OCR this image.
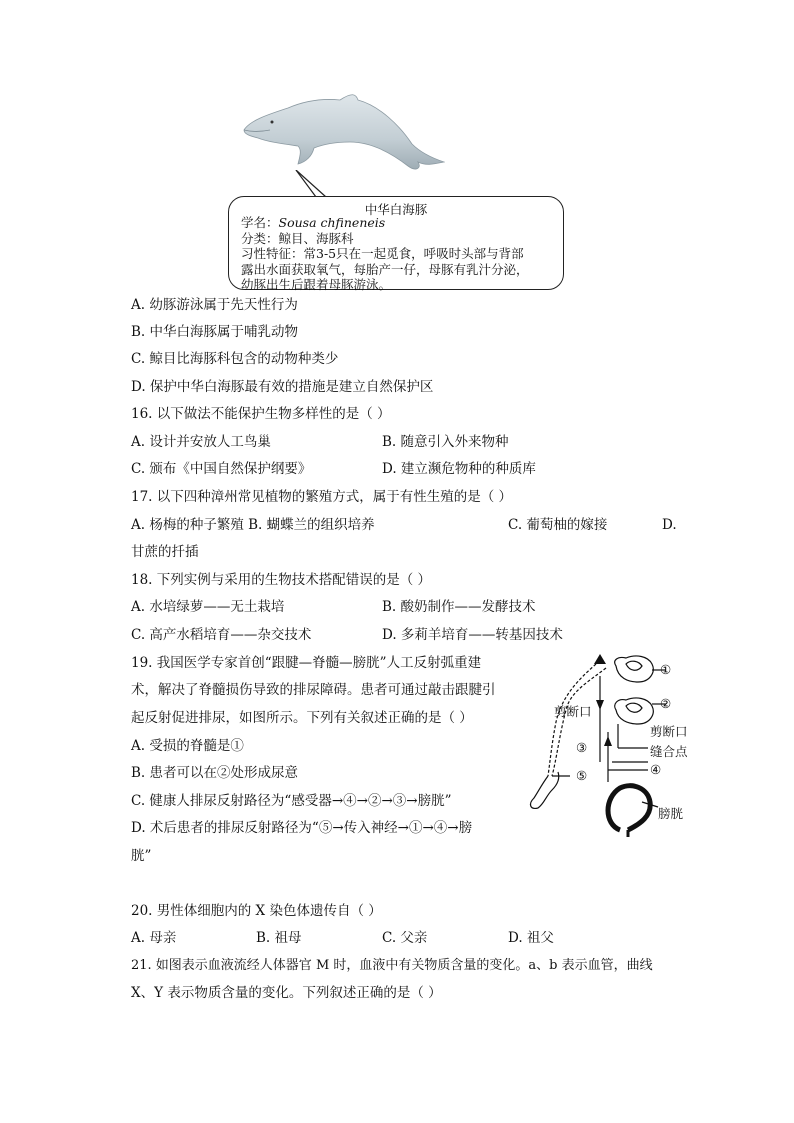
中华白海豚
学名：Sousa chfineneis
分类：鲸目、海豚科
习性特征：常3-5只在一起觅食，呼吸时头部与背部
露出水面获取氧气，每胎产一仔，母豚有乳汁分泌，
幼豚出生后跟着母豚游泳。
A. 幼豚游泳属于先天性行为
B. 中华白海豚属于哺乳动物
C. 鲸目比海豚科包含的动物种类少
D. 保护中华白海豚最有效的措施是建立自然保护区
16. 以下做法不能保护生物多样性的是（ ）
A. 设计并安放人工鸟巢	B. 随意引入外来物种
C. 颁布《中国自然保护纲要》	D. 建立濒危物种的种质库
17. 以下四种漳州常见植物的繁殖方式，属于有性生殖的是（ ）
A. 杨梅的种子繁殖 B. 蝴蝶兰的组织培养	C. 葡萄柚的嫁接	D.
甘蔗的扦插
18. 下列实例与采用的生物技术搭配错误的是（ ）
A. 水培绿萝——无土栽培	B. 酸奶制作——发酵技术
C. 高产水稻培育——杂交技术	D. 多莉羊培育——转基因技术
19. 我国医学专家首创“跟腱—脊髓—膀胱”人工反射弧重建
术，解决了脊髓损伤导致的排尿障碍。患者可通过敲击跟腱引
起反射促进排尿，如图所示。下列有关叙述正确的是（ ）
A. 受损的脊髓是①
B. 患者可以在②处形成尿意
C. 健康人排尿反射路径为“感受器→④→②→③→膀胱”
D. 术后患者的排尿反射路径为“⑤→传入神经→①→④→膀
胱”
①
②
③
④
⑤
剪断口
剪断口
缝合点
膀胱
20. 男性体细胞内的 X 染色体遗传自（ ）
A. 母亲	B. 祖母	C. 父亲	D. 祖父
21. 如图表示血液流经人体器官 M 时，血液中有关物质含量的变化。a、b 表示血管，曲线
X、Y 表示物质含量的变化。下列叙述正确的是（ ）
